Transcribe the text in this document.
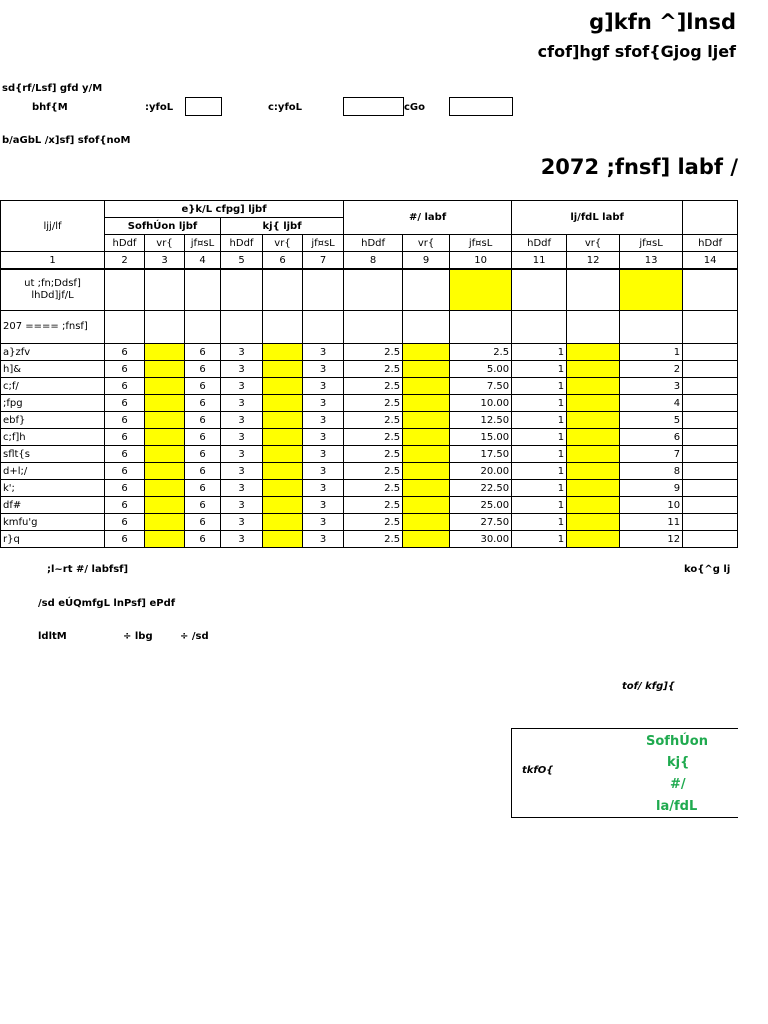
g]kfn ^]lnsd
cfof]hgf sfof{Gjog ljef
sd{rf/Lsf] gfd y/M
bhf{M	:yfoL	c:yfoL	cGo
b/aGbL /x]sf] sfof{noM
2072 ;fnsf] labf /
ljj/lf	e}k/L cfpg] ljbf						#/ labf			lj/fdL labf			
	SofhÚon ljbf			kj{ ljbf									
	hDdf	vr{	jf¤sL	hDdf	vr{	jf¤sL	hDdf	vr{	jf¤sL	hDdf	vr{	jf¤sL	hDdf
1	2	3	4	5	6	7	8	9	10	11	12	13	14
ut ;fn;Ddsf] lhDd]jf/L													
207 ==== ;fnsf]													
a}zfv	6		6	3		3	2.5		2.5	1		1	
h]&	6		6	3		3	2.5		5.00	1		2	
c;f/	6		6	3		3	2.5		7.50	1		3	
;fpg	6		6	3		3	2.5		10.00	1		4	
ebf}	6		6	3		3	2.5		12.50	1		5	
c;f]h	6		6	3		3	2.5		15.00	1		6	
sflt{s	6		6	3		3	2.5		17.50	1		7	
d+l;/	6		6	3		3	2.5		20.00	1		8	
k';	6		6	3		3	2.5		22.50	1		9	
df#	6		6	3		3	2.5		25.00	1		10	
kmfu'g	6		6	3		3	2.5		27.50	1		11	
r}q	6		6	3		3	2.5		30.00	1		12	
;l~rt #/ labfsf]	ko{^g lj
/sd eÚQmfgL lnPsf] ePdf
ldltM	÷ lbg	÷ /sd
tof/ kfg]{
tkfO{
SofhÚon
kj{
#/
la/fdL
